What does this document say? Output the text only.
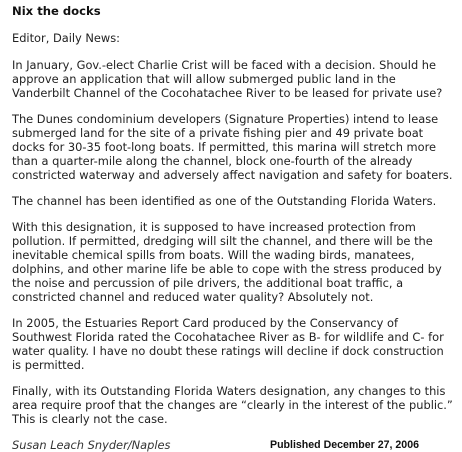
Nix the docks
Editor, Daily News:
In January, Gov.-elect Charlie Crist will be faced with a decision. Should he
approve an application that will allow submerged public land in the
Vanderbilt Channel of the Cocohatachee River to be leased for private use?
The Dunes condominium developers (Signature Properties) intend to lease
submerged land for the site of a private fishing pier and 49 private boat
docks for 30-35 foot-long boats. If permitted, this marina will stretch more
than a quarter-mile along the channel, block one-fourth of the already
constricted waterway and adversely affect navigation and safety for boaters.
The channel has been identified as one of the Outstanding Florida Waters.
With this designation, it is supposed to have increased protection from
pollution. If permitted, dredging will silt the channel, and there will be the
inevitable chemical spills from boats. Will the wading birds, manatees,
dolphins, and other marine life be able to cope with the stress produced by
the noise and percussion of pile drivers, the additional boat traffic, a
constricted channel and reduced water quality? Absolutely not.
In 2005, the Estuaries Report Card produced by the Conservancy of
Southwest Florida rated the Cocohatachee River as B- for wildlife and C- for
water quality. I have no doubt these ratings will decline if dock construction
is permitted.
Finally, with its Outstanding Florida Waters designation, any changes to this
area require proof that the changes are “clearly in the interest of the public.”
This is clearly not the case.
Susan Leach Snyder/Naples	Published December 27, 2006
